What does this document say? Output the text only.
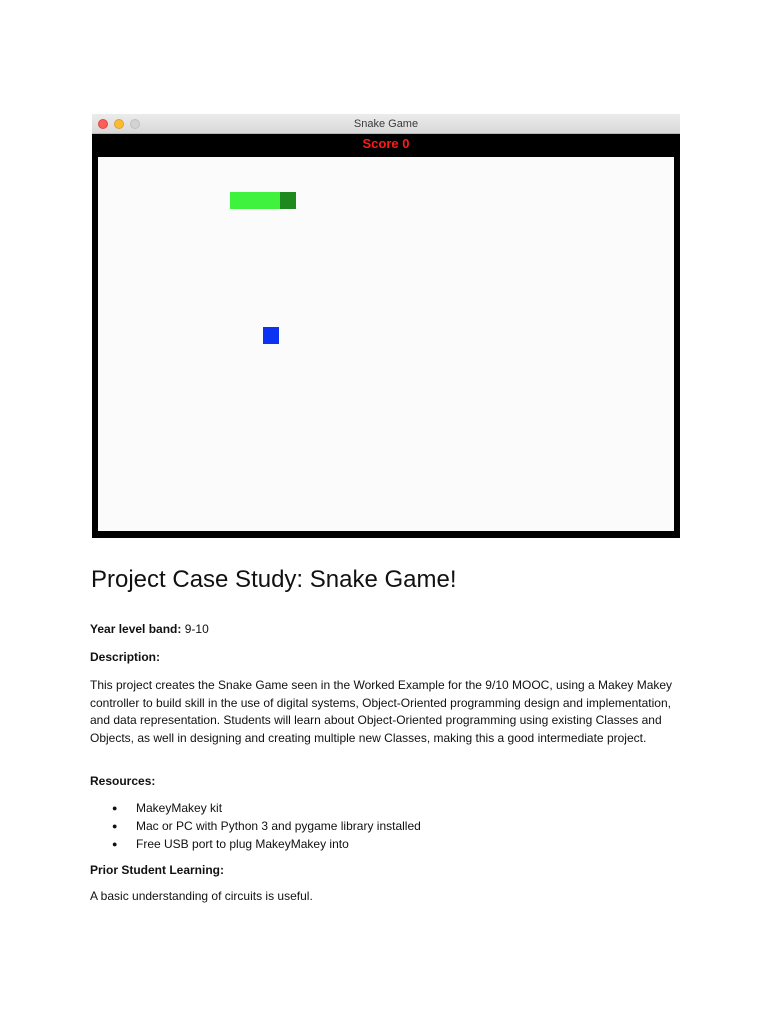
Snake Game
Score 0
Project Case Study: Snake Game!
Year level band: 9-10
Description:

This project creates the Snake Game seen in the Worked Example for the 9/10 MOOC, using a Makey Makey controller to build skill in the use of digital systems, Object-Oriented programming design and implementation, and data representation. Students will learn about Object-Oriented programming using existing Classes and Objects, as well in designing and creating multiple new Classes, making this a good intermediate project.

Resources:
● MakeyMakey kit
● Mac or PC with Python 3 and pygame library installed
● Free USB port to plug MakeyMakey into
Prior Student Learning:

A basic understanding of circuits is useful.
